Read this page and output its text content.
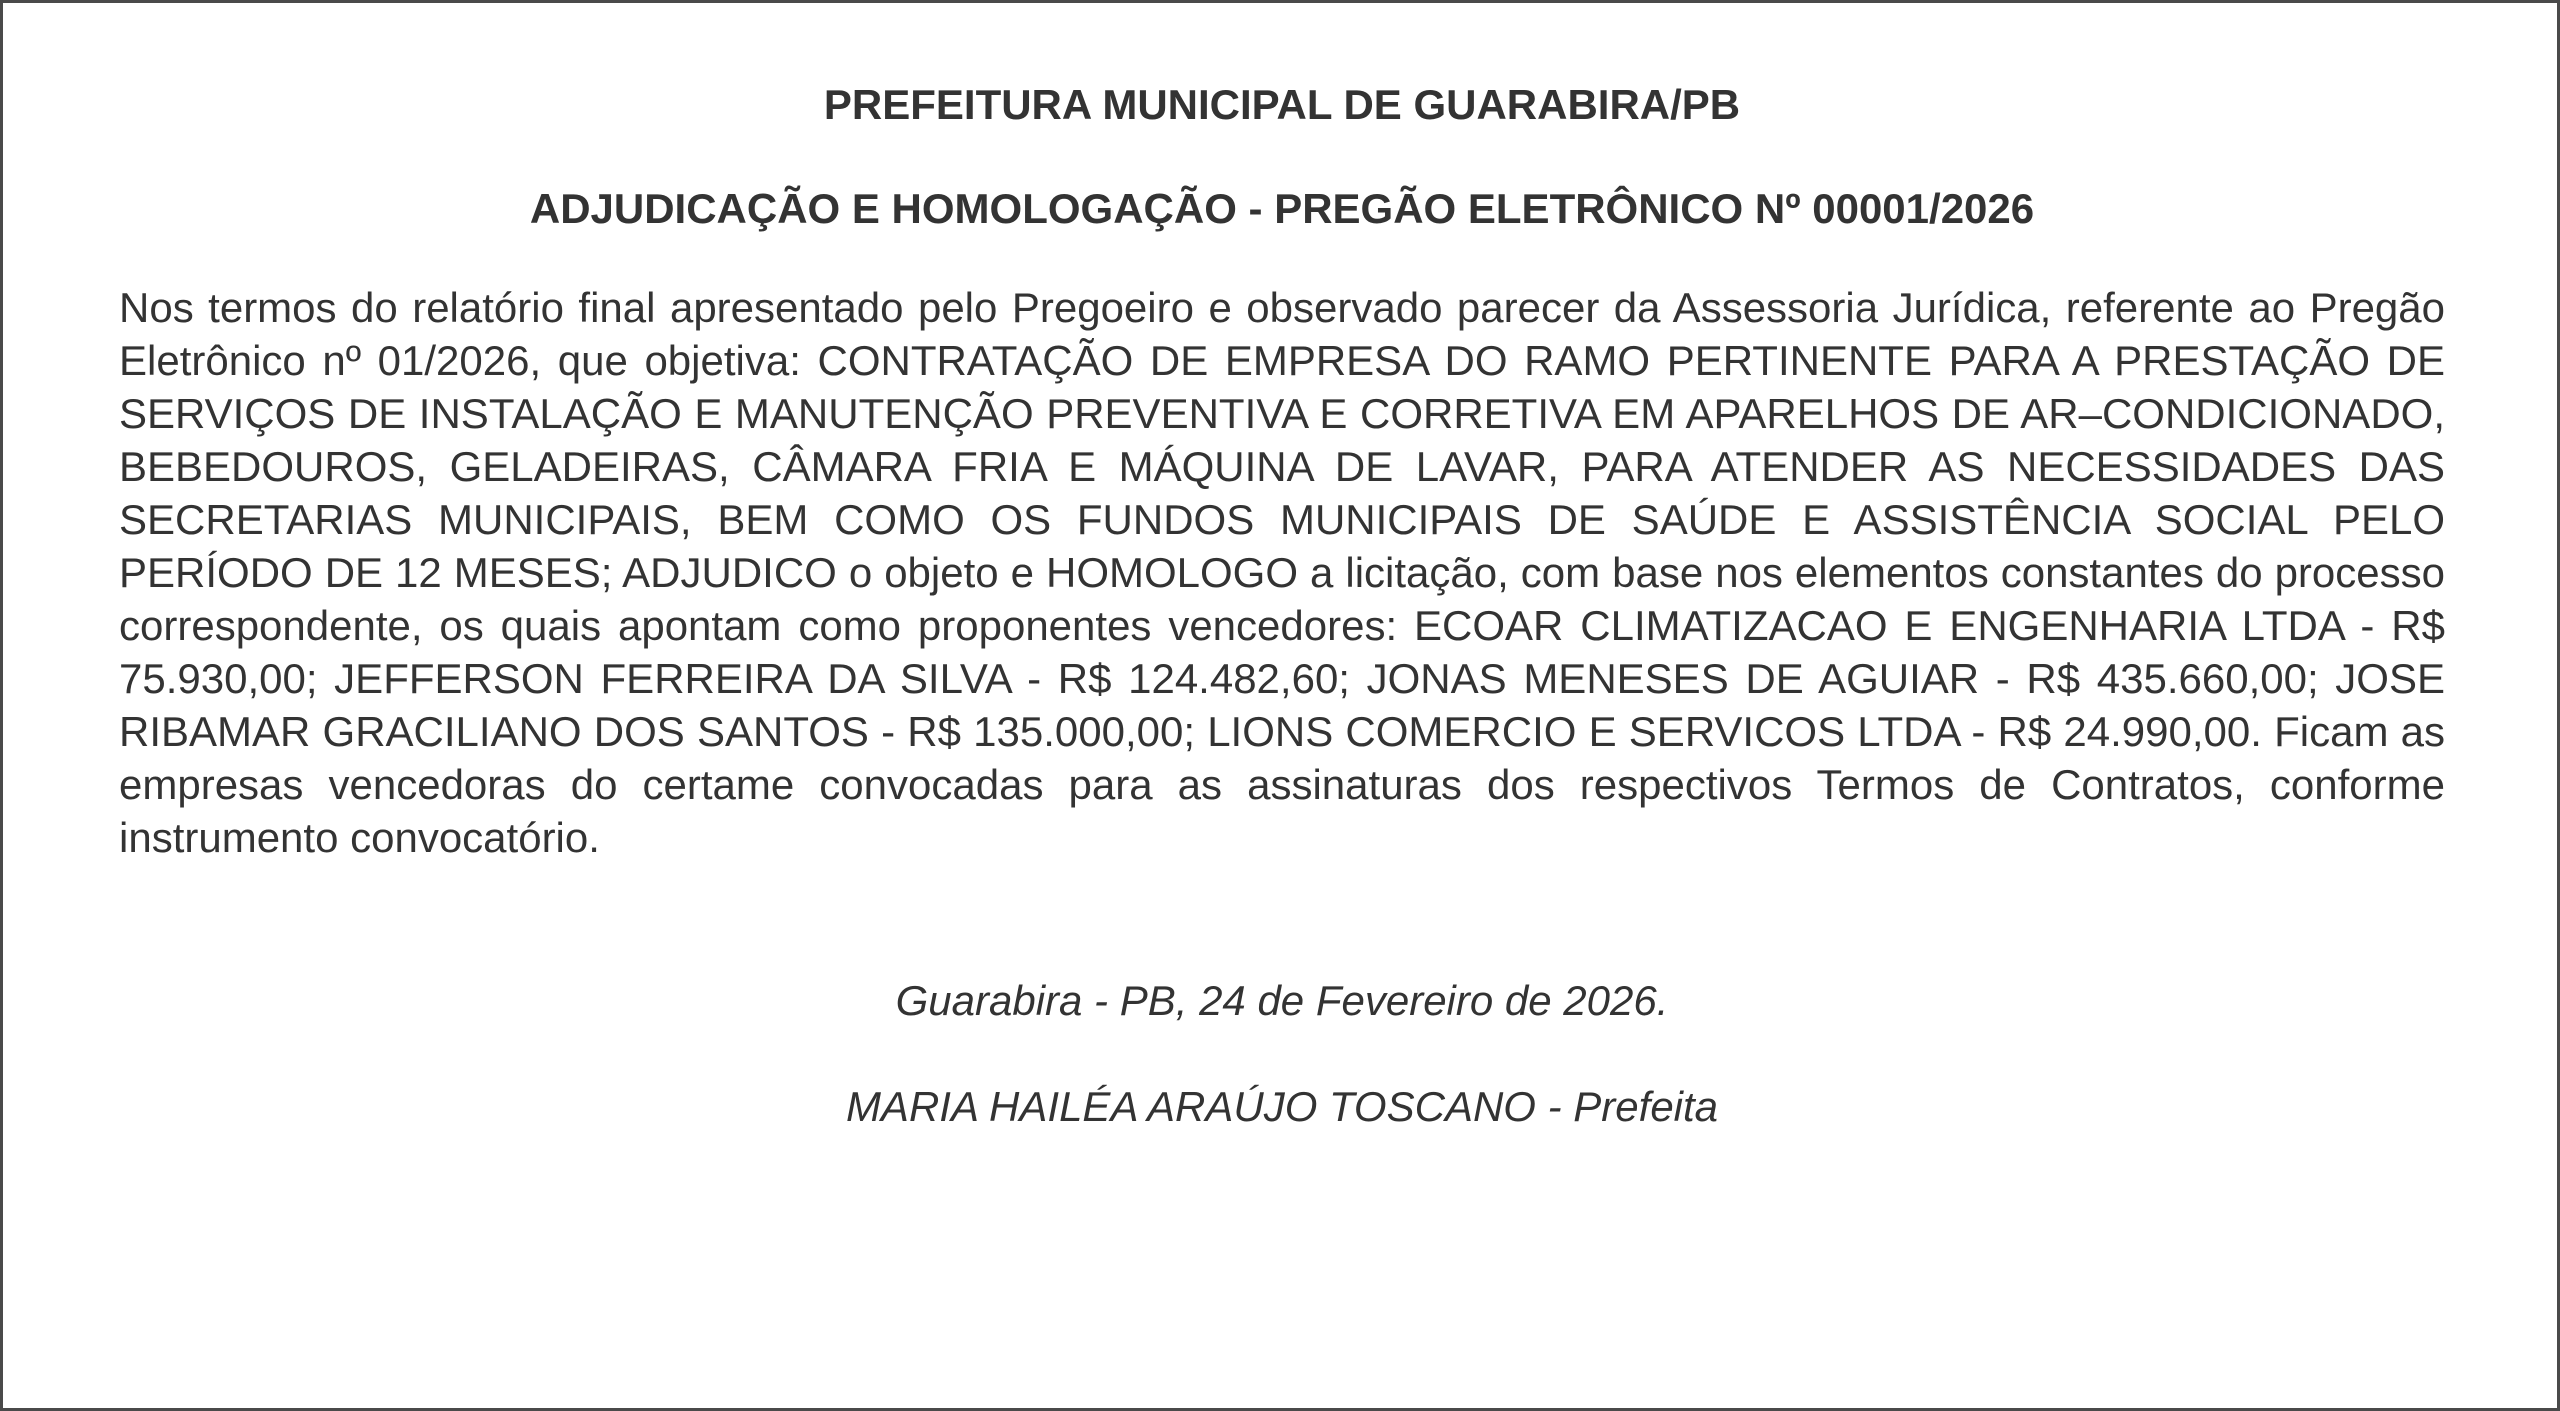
PREFEITURA MUNICIPAL DE GUARABIRA/PB
ADJUDICAÇÃO E HOMOLOGAÇÃO - PREGÃO ELETRÔNICO Nº 00001/2026

Nos termos do relatório final apresentado pelo Pregoeiro e observado parecer da Assessoria Jurídica, referente ao Pregão Eletrônico nº 01/2026, que objetiva: CONTRATAÇÃO DE EMPRESA DO RAMO PERTINENTE PARA A PRESTAÇÃO DE SERVIÇOS DE INSTALAÇÃO E MANUTENÇÃO PREVENTIVA E CORRETIVA EM APARELHOS DE AR–CONDICIONADO, BEBEDOUROS, GELADEIRAS, CÂMARA FRIA E MÁQUINA DE LAVAR, PARA ATENDER AS NECESSIDADES DAS SECRETARIAS MUNICIPAIS, BEM COMO OS FUNDOS MUNICIPAIS DE SAÚDE E ASSISTÊNCIA SOCIAL PELO PERÍODO DE 12 MESES; ADJUDICO o objeto e HOMOLOGO a licitação, com base nos elementos constantes do processo correspondente, os quais apontam como proponentes vencedores: ECOAR CLIMATIZACAO E ENGENHARIA LTDA - R$ 75.930,00; JEFFERSON FERREIRA DA SILVA - R$ 124.482,60; JONAS MENESES DE AGUIAR - R$ 435.660,00; JOSE RIBAMAR GRACILIANO DOS SANTOS - R$ 135.000,00; LIONS COMERCIO E SERVICOS LTDA - R$ 24.990,00. Ficam as empresas vencedoras do certame convocadas para as assinaturas dos respectivos Termos de Contratos, conforme instrumento convocatório.

Guarabira - PB, 24 de Fevereiro de 2026.

MARIA HAILÉA ARAÚJO TOSCANO - Prefeita
